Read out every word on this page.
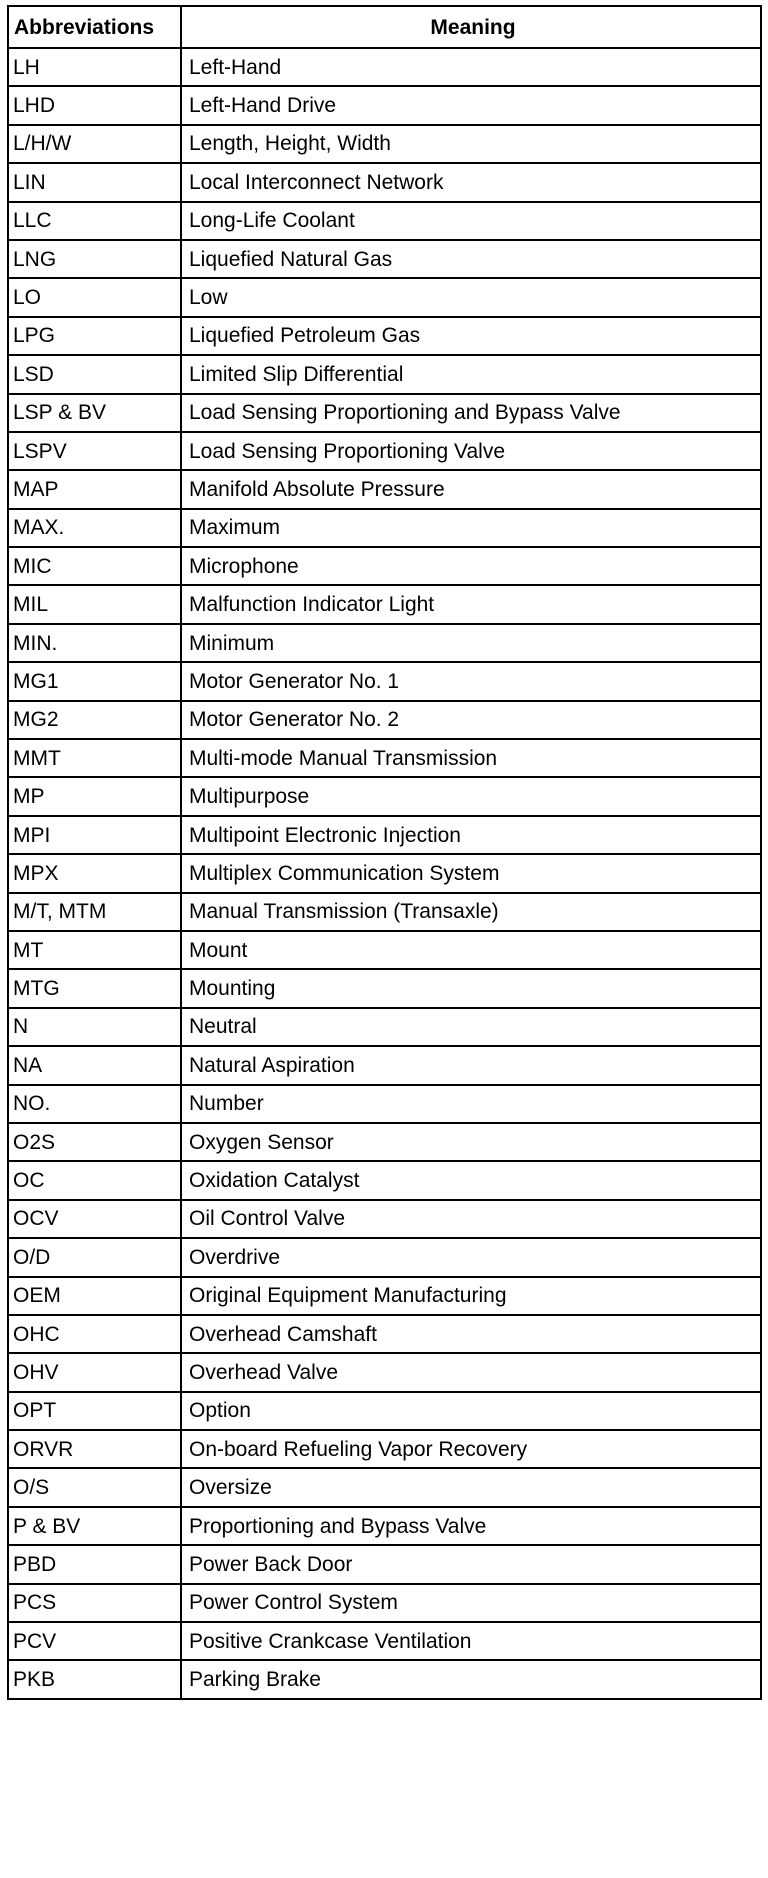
Abbreviations	Meaning
LH	Left-Hand
LHD	Left-Hand Drive
L/H/W	Length, Height, Width
LIN	Local Interconnect Network
LLC	Long-Life Coolant
LNG	Liquefied Natural Gas
LO	Low
LPG	Liquefied Petroleum Gas
LSD	Limited Slip Differential
LSP & BV	Load Sensing Proportioning and Bypass Valve
LSPV	Load Sensing Proportioning Valve
MAP	Manifold Absolute Pressure
MAX.	Maximum
MIC	Microphone
MIL	Malfunction Indicator Light
MIN.	Minimum
MG1	Motor Generator No. 1
MG2	Motor Generator No. 2
MMT	Multi-mode Manual Transmission
MP	Multipurpose
MPI	Multipoint Electronic Injection
MPX	Multiplex Communication System
M/T, MTM	Manual Transmission (Transaxle)
MT	Mount
MTG	Mounting
N	Neutral
NA	Natural Aspiration
NO.	Number
O2S	Oxygen Sensor
OC	Oxidation Catalyst
OCV	Oil Control Valve
O/D	Overdrive
OEM	Original Equipment Manufacturing
OHC	Overhead Camshaft
OHV	Overhead Valve
OPT	Option
ORVR	On-board Refueling Vapor Recovery
O/S	Oversize
P & BV	Proportioning and Bypass Valve
PBD	Power Back Door
PCS	Power Control System
PCV	Positive Crankcase Ventilation
PKB	Parking Brake
